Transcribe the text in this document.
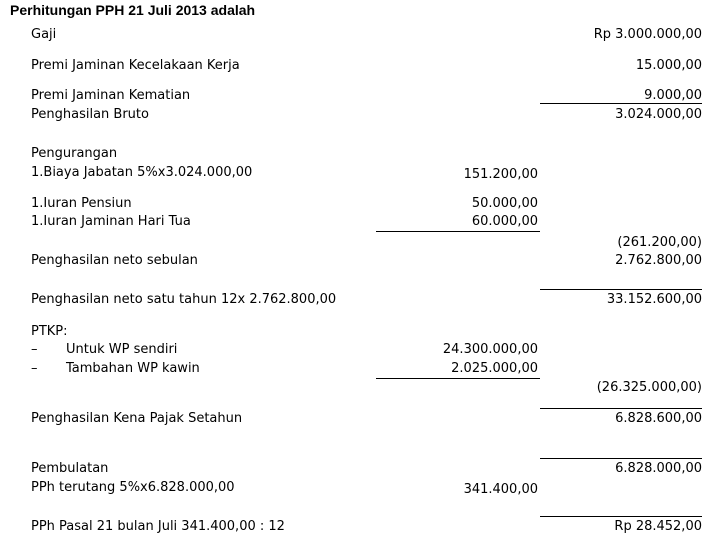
Perhitungan PPH 21 Juli 2013 adalah
Gaji	Rp 3.000.000,00
Premi Jaminan Kecelakaan Kerja	15.000,00
Premi Jaminan Kematian	9.000,00
Penghasilan Bruto	3.024.000,00
Pengurangan
1.Biaya Jabatan 5%x3.024.000,00	151.200,00
1.Iuran Pensiun	50.000,00
1.Iuran Jaminan Hari Tua	60.000,00
(261.200,00)
Penghasilan neto sebulan	2.762.800,00
Penghasilan neto satu tahun 12x 2.762.800,00	33.152.600,00
PTKP:
– Untuk WP sendiri	24.300.000,00
– Tambahan WP kawin	2.025.000,00
(26.325.000,00)
Penghasilan Kena Pajak Setahun	6.828.600,00
Pembulatan	6.828.000,00
PPh terutang 5%x6.828.000,00	341.400,00
PPh Pasal 21 bulan Juli 341.400,00 : 12	Rp 28.452,00
